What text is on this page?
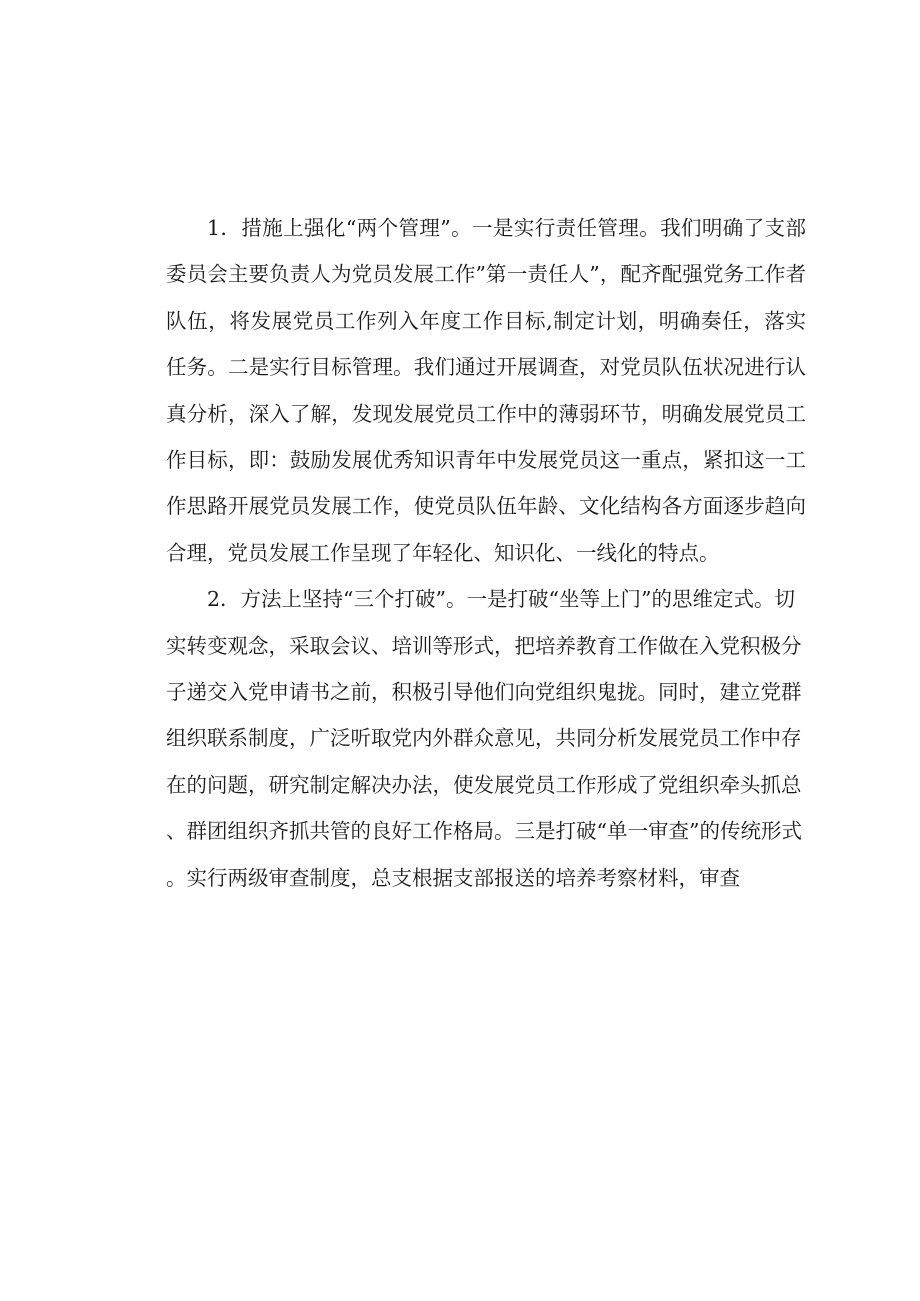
1．措施上强化“两个管理”。一是实行责任管理。我们明确了支部委员会主要负责人为党员发展工作”第一责任人”，配齐配强党务工作者队伍，将发展党员工作列入年度工作目标,制定计划，明确奏任，落实任务。二是实行目标管理。我们通过开展调查，对党员队伍状况进行认真分析，深入了解，发现发展党员工作中的薄弱环节，明确发展党员工作目标，即：鼓励发展优秀知识青年中发展党员这一重点，紧扣这一工作思路开展党员发展工作，使党员队伍年龄、文化结构各方面逐步趋向合理，党员发展工作呈现了年轻化、知识化、一线化的特点。

2．方法上坚持“三个打破”。一是打破“坐等上门”的思维定式。切实转变观念，采取会议、培训等形式，把培养教育工作做在入党积极分子递交入党申请书之前，积极引导他们向党组织鬼拢。同时，建立党群组织联系制度，广泛听取党内外群众意见，共同分析发展党员工作中存在的问题，研究制定解决办法，使发展党员工作形成了党组织牵头抓总、群团组织齐抓共管的良好工作格局。三是打破“单一审查”的传统形式。实行两级审查制度，总支根据支部报送的培养考察材料，审查
